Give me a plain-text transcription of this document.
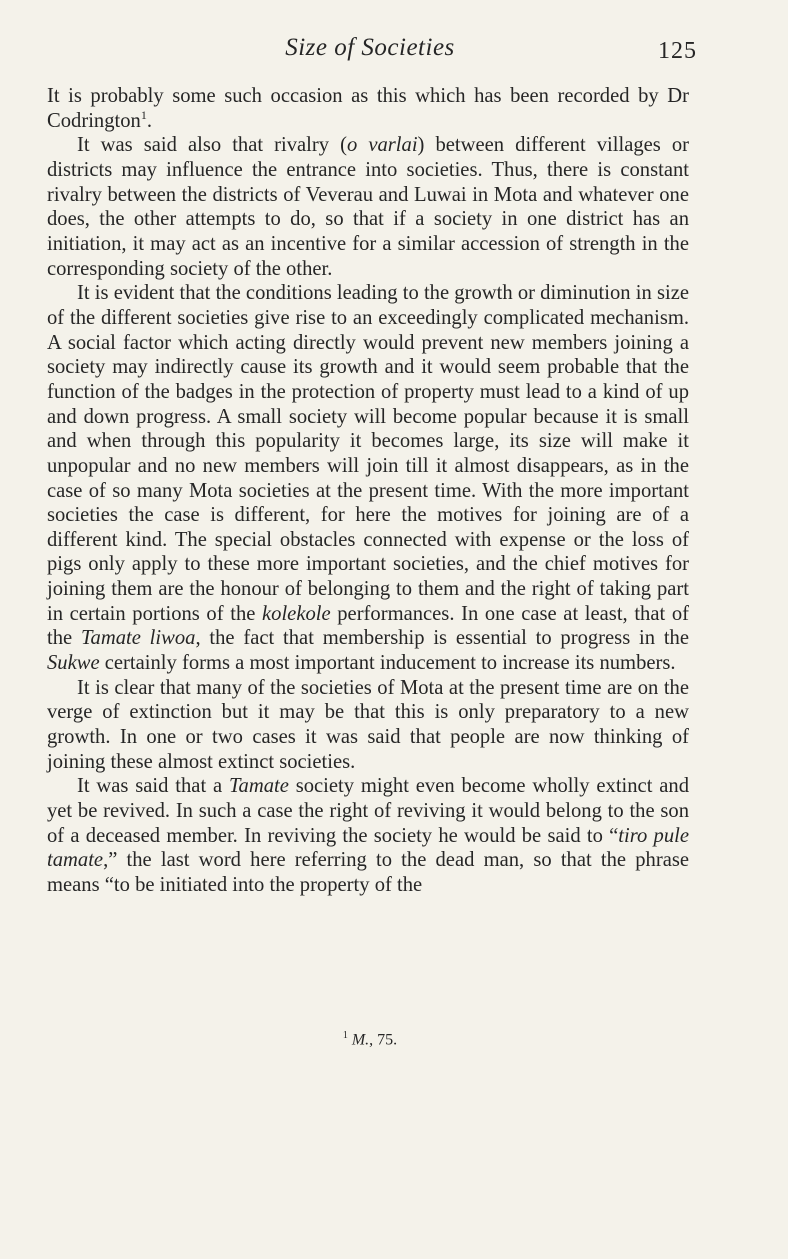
Size of Societies	125

It is probably some such occasion as this which has been recorded by Dr Codrington$^1$.

It was said also that rivalry (o varlai) between different villages or districts may influence the entrance into societies. Thus, there is constant rivalry between the districts of Veverau and Luwai in Mota and whatever one does, the other attempts to do, so that if a society in one district has an initiation, it may act as an incentive for a similar accession of strength in the corresponding society of the other.

It is evident that the conditions leading to the growth or diminution in size of the different societies give rise to an exceedingly complicated mechanism. A social factor which acting directly would prevent new members joining a society may indirectly cause its growth and it would seem probable that the function of the badges in the protection of property must lead to a kind of up and down progress. A small society will become popular because it is small and when through this popularity it becomes large, its size will make it unpopular and no new members will join till it almost disappears, as in the case of so many Mota societies at the present time. With the more important societies the case is different, for here the motives for joining are of a different kind. The special obstacles connected with expense or the loss of pigs only apply to these more important societies, and the chief motives for joining them are the honour of belonging to them and the right of taking part in certain portions of the kolekole performances. In one case at least, that of the Tamate liwoa, the fact that membership is essential to progress in the Sukwe certainly forms a most important inducement to increase its numbers.

It is clear that many of the societies of Mota at the present time are on the verge of extinction but it may be that this is only preparatory to a new growth. In one or two cases it was said that people are now thinking of joining these almost extinct societies.

It was said that a Tamate society might even become wholly extinct and yet be revived. In such a case the right of reviving it would belong to the son of a deceased member. In reviving the society he would be said to “tiro pule tamate,” the last word here referring to the dead man, so that the phrase means “to be initiated into the property of the

$^1$ M., 75.
